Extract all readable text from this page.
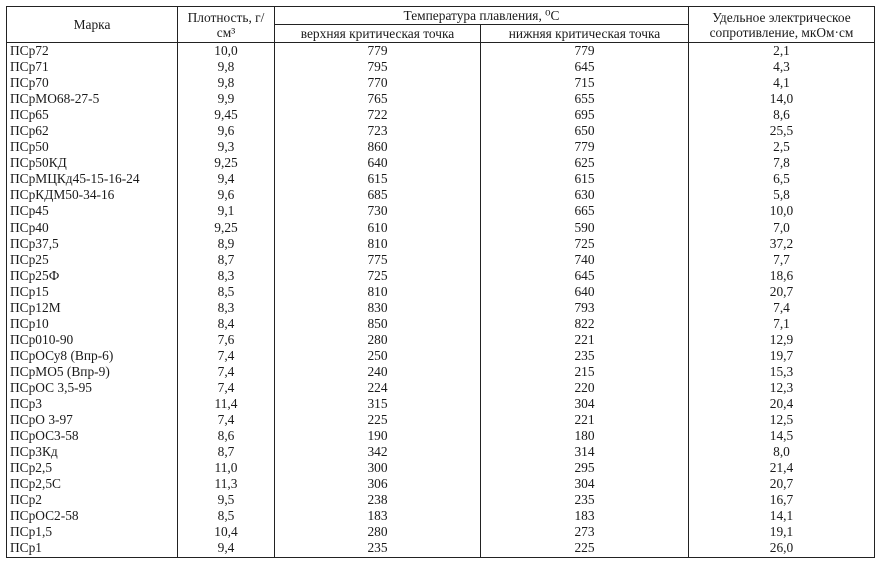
Марка	Плотность, г/см³	Температура плавления, ⁰С		Удельное электрическое сопротивление, мкОм·см
		верхняя критическая точка	нижняя критическая точка	
ПСр72	10,0	779	779	2,1
ПСр71	9,8	795	645	4,3
ПСр70	9,8	770	715	4,1
ПСрМО68-27-5	9,9	765	655	14,0
ПСр65	9,45	722	695	8,6
ПСр62	9,6	723	650	25,5
ПСр50	9,3	860	779	2,5
ПСр50КД	9,25	640	625	7,8
ПСрМЦКд45-15-16-24	9,4	615	615	6,5
ПСрКДМ50-34-16	9,6	685	630	5,8
ПСр45	9,1	730	665	10,0
ПСр40	9,25	610	590	7,0
ПСр37,5	8,9	810	725	37,2
ПСр25	8,7	775	740	7,7
ПСр25Ф	8,3	725	645	18,6
ПСр15	8,5	810	640	20,7
ПСр12М	8,3	830	793	7,4
ПСр10	8,4	850	822	7,1
ПСр010-90	7,6	280	221	12,9
ПСрОСу8 (Впр-6)	7,4	250	235	19,7
ПСрМО5 (Впр-9)	7,4	240	215	15,3
ПСрОС 3,5-95	7,4	224	220	12,3
ПСр3	11,4	315	304	20,4
ПСрО 3-97	7,4	225	221	12,5
ПСрОС3-58	8,6	190	180	14,5
ПСр3Кд	8,7	342	314	8,0
ПСр2,5	11,0	300	295	21,4
ПСр2,5С	11,3	306	304	20,7
ПСр2	9,5	238	235	16,7
ПСрОС2-58	8,5	183	183	14,1
ПСр1,5	10,4	280	273	19,1
ПСр1	9,4	235	225	26,0
